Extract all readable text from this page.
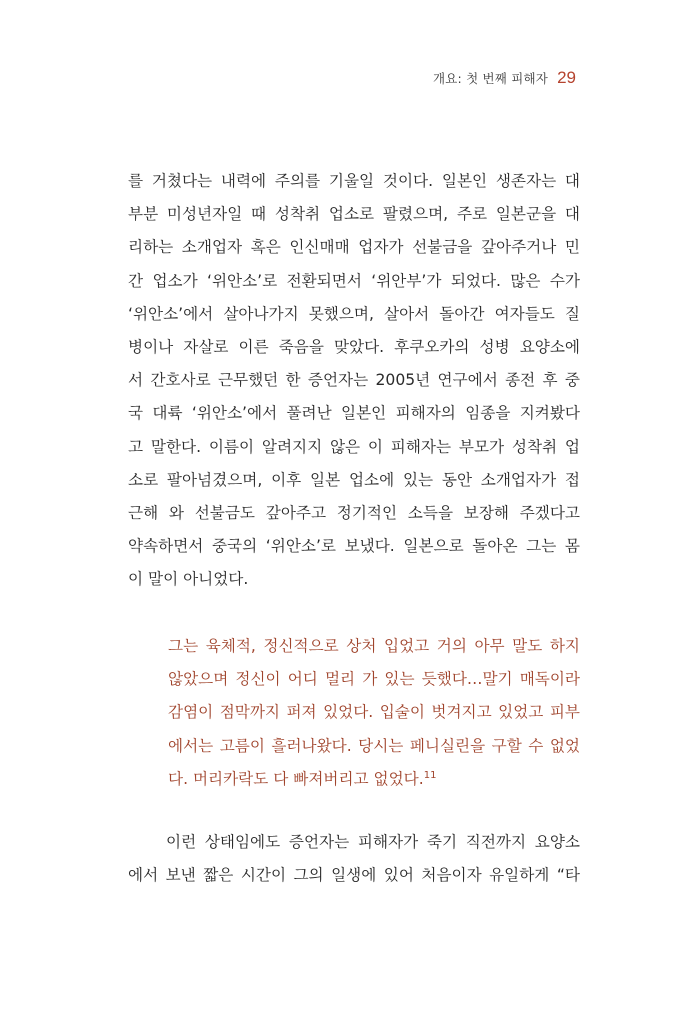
개요: 첫 번째 피해자 29
를 거쳤다는 내력에 주의를 기울일 것이다. 일본인 생존자는 대
부분 미성년자일 때 성착취 업소로 팔렸으며, 주로 일본군을 대
리하는 소개업자 혹은 인신매매 업자가 선불금을 갚아주거나 민
간 업소가 ‘위안소’로 전환되면서 ‘위안부’가 되었다. 많은 수가
‘위안소’에서 살아나가지 못했으며, 살아서 돌아간 여자들도 질
병이나 자살로 이른 죽음을 맞았다. 후쿠오카의 성병 요양소에
서 간호사로 근무했던 한 증언자는 2005년 연구에서 종전 후 중
국 대륙 ‘위안소’에서 풀려난 일본인 피해자의 임종을 지켜봤다
고 말한다. 이름이 알려지지 않은 이 피해자는 부모가 성착취 업
소로 팔아넘겼으며, 이후 일본 업소에 있는 동안 소개업자가 접
근해 와 선불금도 갚아주고 정기적인 소득을 보장해 주겠다고
약속하면서 중국의 ‘위안소’로 보냈다. 일본으로 돌아온 그는 몸
이 말이 아니었다.
그는 육체적, 정신적으로 상처 입었고 거의 아무 말도 하지
않았으며 정신이 어디 멀리 가 있는 듯했다…말기 매독이라
감염이 점막까지 퍼져 있었다. 입술이 벗겨지고 있었고 피부
에서는 고름이 흘러나왔다. 당시는 페니실린을 구할 수 없었
다. 머리카락도 다 빠져버리고 없었다.$^{11}$
이런 상태임에도 증언자는 피해자가 죽기 직전까지 요양소
에서 보낸 짧은 시간이 그의 일생에 있어 처음이자 유일하게 “타
